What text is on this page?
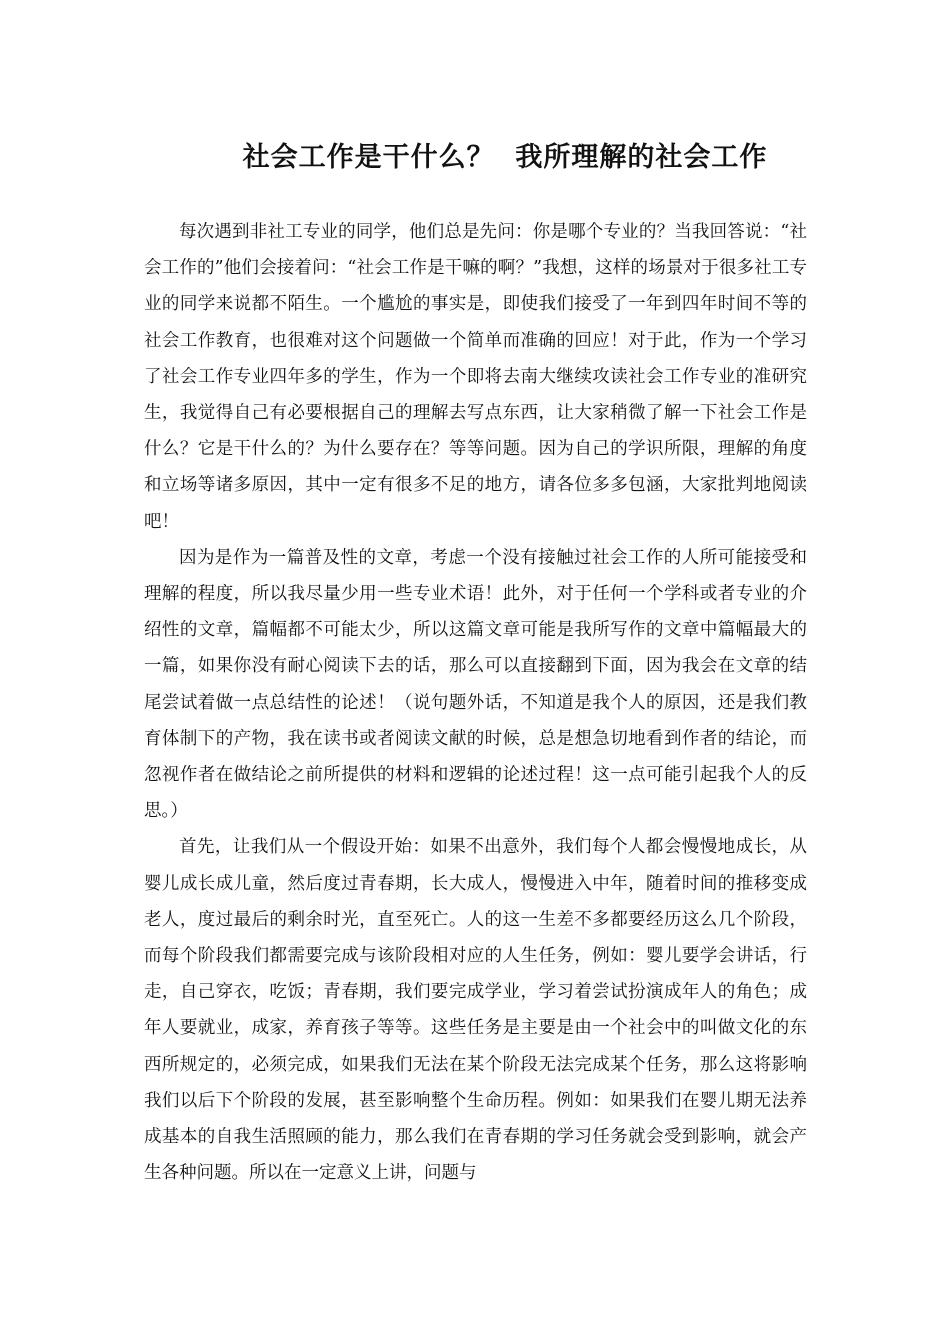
社会工作是干什么？  我所理解的社会工作

每次遇到非社工专业的同学，他们总是先问：你是哪个专业的？当我回答说：“社会工作的”他们会接着问：“社会工作是干嘛的啊？”我想，这样的场景对于很多社工专业的同学来说都不陌生。一个尴尬的事实是，即使我们接受了一年到四年时间不等的社会工作教育，也很难对这个问题做一个简单而准确的回应！对于此，作为一个学习了社会工作专业四年多的学生，作为一个即将去南大继续攻读社会工作专业的准研究生，我觉得自己有必要根据自己的理解去写点东西，让大家稍微了解一下社会工作是什么？它是干什么的？为什么要存在？等等问题。因为自己的学识所限，理解的角度和立场等诸多原因，其中一定有很多不足的地方，请各位多多包涵，大家批判地阅读吧！

因为是作为一篇普及性的文章，考虑一个没有接触过社会工作的人所可能接受和理解的程度，所以我尽量少用一些专业术语！此外，对于任何一个学科或者专业的介绍性的文章，篇幅都不可能太少，所以这篇文章可能是我所写作的文章中篇幅最大的一篇，如果你没有耐心阅读下去的话，那么可以直接翻到下面，因为我会在文章的结尾尝试着做一点总结性的论述！（说句题外话，不知道是我个人的原因，还是我们教育体制下的产物，我在读书或者阅读文献的时候，总是想急切地看到作者的结论，而忽视作者在做结论之前所提供的材料和逻辑的论述过程！这一点可能引起我个人的反思。）

首先，让我们从一个假设开始：如果不出意外，我们每个人都会慢慢地成长，从婴儿成长成儿童，然后度过青春期，长大成人，慢慢进入中年，随着时间的推移变成老人，度过最后的剩余时光，直至死亡。人的这一生差不多都要经历这么几个阶段，而每个阶段我们都需要完成与该阶段相对应的人生任务，例如：婴儿要学会讲话，行走，自己穿衣，吃饭；青春期，我们要完成学业，学习着尝试扮演成年人的角色；成年人要就业，成家，养育孩子等等。这些任务是主要是由一个社会中的叫做文化的东西所规定的，必须完成，如果我们无法在某个阶段无法完成某个任务，那么这将影响我们以后下个阶段的发展，甚至影响整个生命历程。例如：如果我们在婴儿期无法养成基本的自我生活照顾的能力，那么我们在青春期的学习任务就会受到影响，就会产生各种问题。所以在一定意义上讲，问题与
